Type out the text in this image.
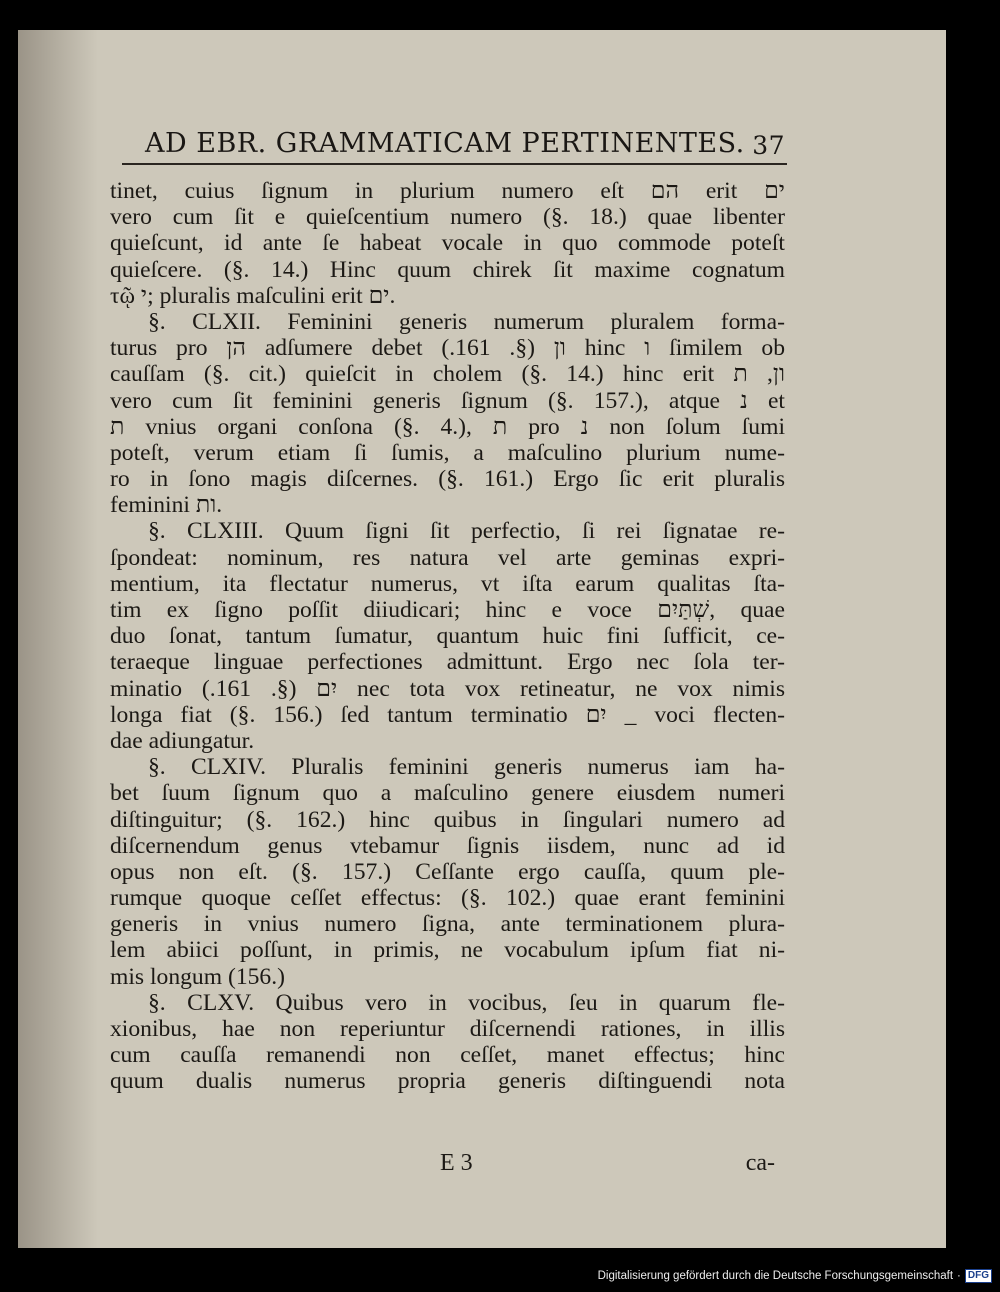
AD EBR. GRAMMATICAM PERTINENTES. 37
tinet, cuius ſignum in plurium numero eſt הם erit ים
vero cum ſit e quieſcentium numero (§. 18.) quae libenter
quieſcunt, id ante ſe habeat vocale in quo commode poteſt
quieſcere. (§. 14.) Hinc quum chirek ſit maxime cognatum
τῷ י; pluralis maſculini erit ים.
§. CLXII. Feminini generis numerum pluralem forma-
turus pro הן adſumere debet ון (§. 161.) hinc ו ſimilem ob
cauſſam (§. cit.) quieſcit in cholem (§. 14.) hinc erit ון, ת
vero cum ſit feminini generis ſignum (§. 157.), atque נ et
ת vnius organi conſona (§. 4.), ת pro נ non ſolum ſumi
poteſt, verum etiam ſi ſumis, a maſculino plurium nume-
ro in ſono magis diſcernes. (§. 161.) Ergo ſic erit pluralis
feminini ות.
§. CLXIII. Quum ſigni ſit perfectio, ſi rei ſignatae re-
ſpondeat: nominum, res natura vel arte geminas expri-
mentium, ita flectatur numerus, vt iſta earum qualitas ſta-
tim ex ſigno poſſit diiudicari; hinc e voce שְׁתַּיִם, quae
duo ſonat, tantum ſumatur, quantum huic fini ſufficit, ce-
teraeque linguae perfectiones admittunt. Ergo nec ſola ter-
minatio יִם (§. 161.) nec tota vox retineatur, ne vox nimis
longa fiat (§. 156.) ſed tantum terminatio יִם _ voci flecten-
dae adiungatur.
§. CLXIV. Pluralis feminini generis numerus iam ha-
bet ſuum ſignum quo a maſculino genere eiusdem numeri
diſtinguitur; (§. 162.) hinc quibus in ſingulari numero ad
diſcernendum genus vtebamur ſignis iisdem, nunc ad id
opus non eſt. (§. 157.) Ceſſante ergo cauſſa, quum ple-
rumque quoque ceſſet effectus: (§. 102.) quae erant feminini
generis in vnius numero ſigna, ante terminationem plura-
lem abiici poſſunt, in primis, ne vocabulum ipſum fiat ni-
mis longum (156.)
§. CLXV. Quibus vero in vocibus, ſeu in quarum fle-
xionibus, hae non reperiuntur diſcernendi rationes, in illis
cum cauſſa remanendi non ceſſet, manet effectus; hinc
quum dualis numerus propria generis diſtinguendi nota
E 3	ca-
Digitalisierung gefördert durch die Deutsche Forschungsgemeinschaft · DFG
